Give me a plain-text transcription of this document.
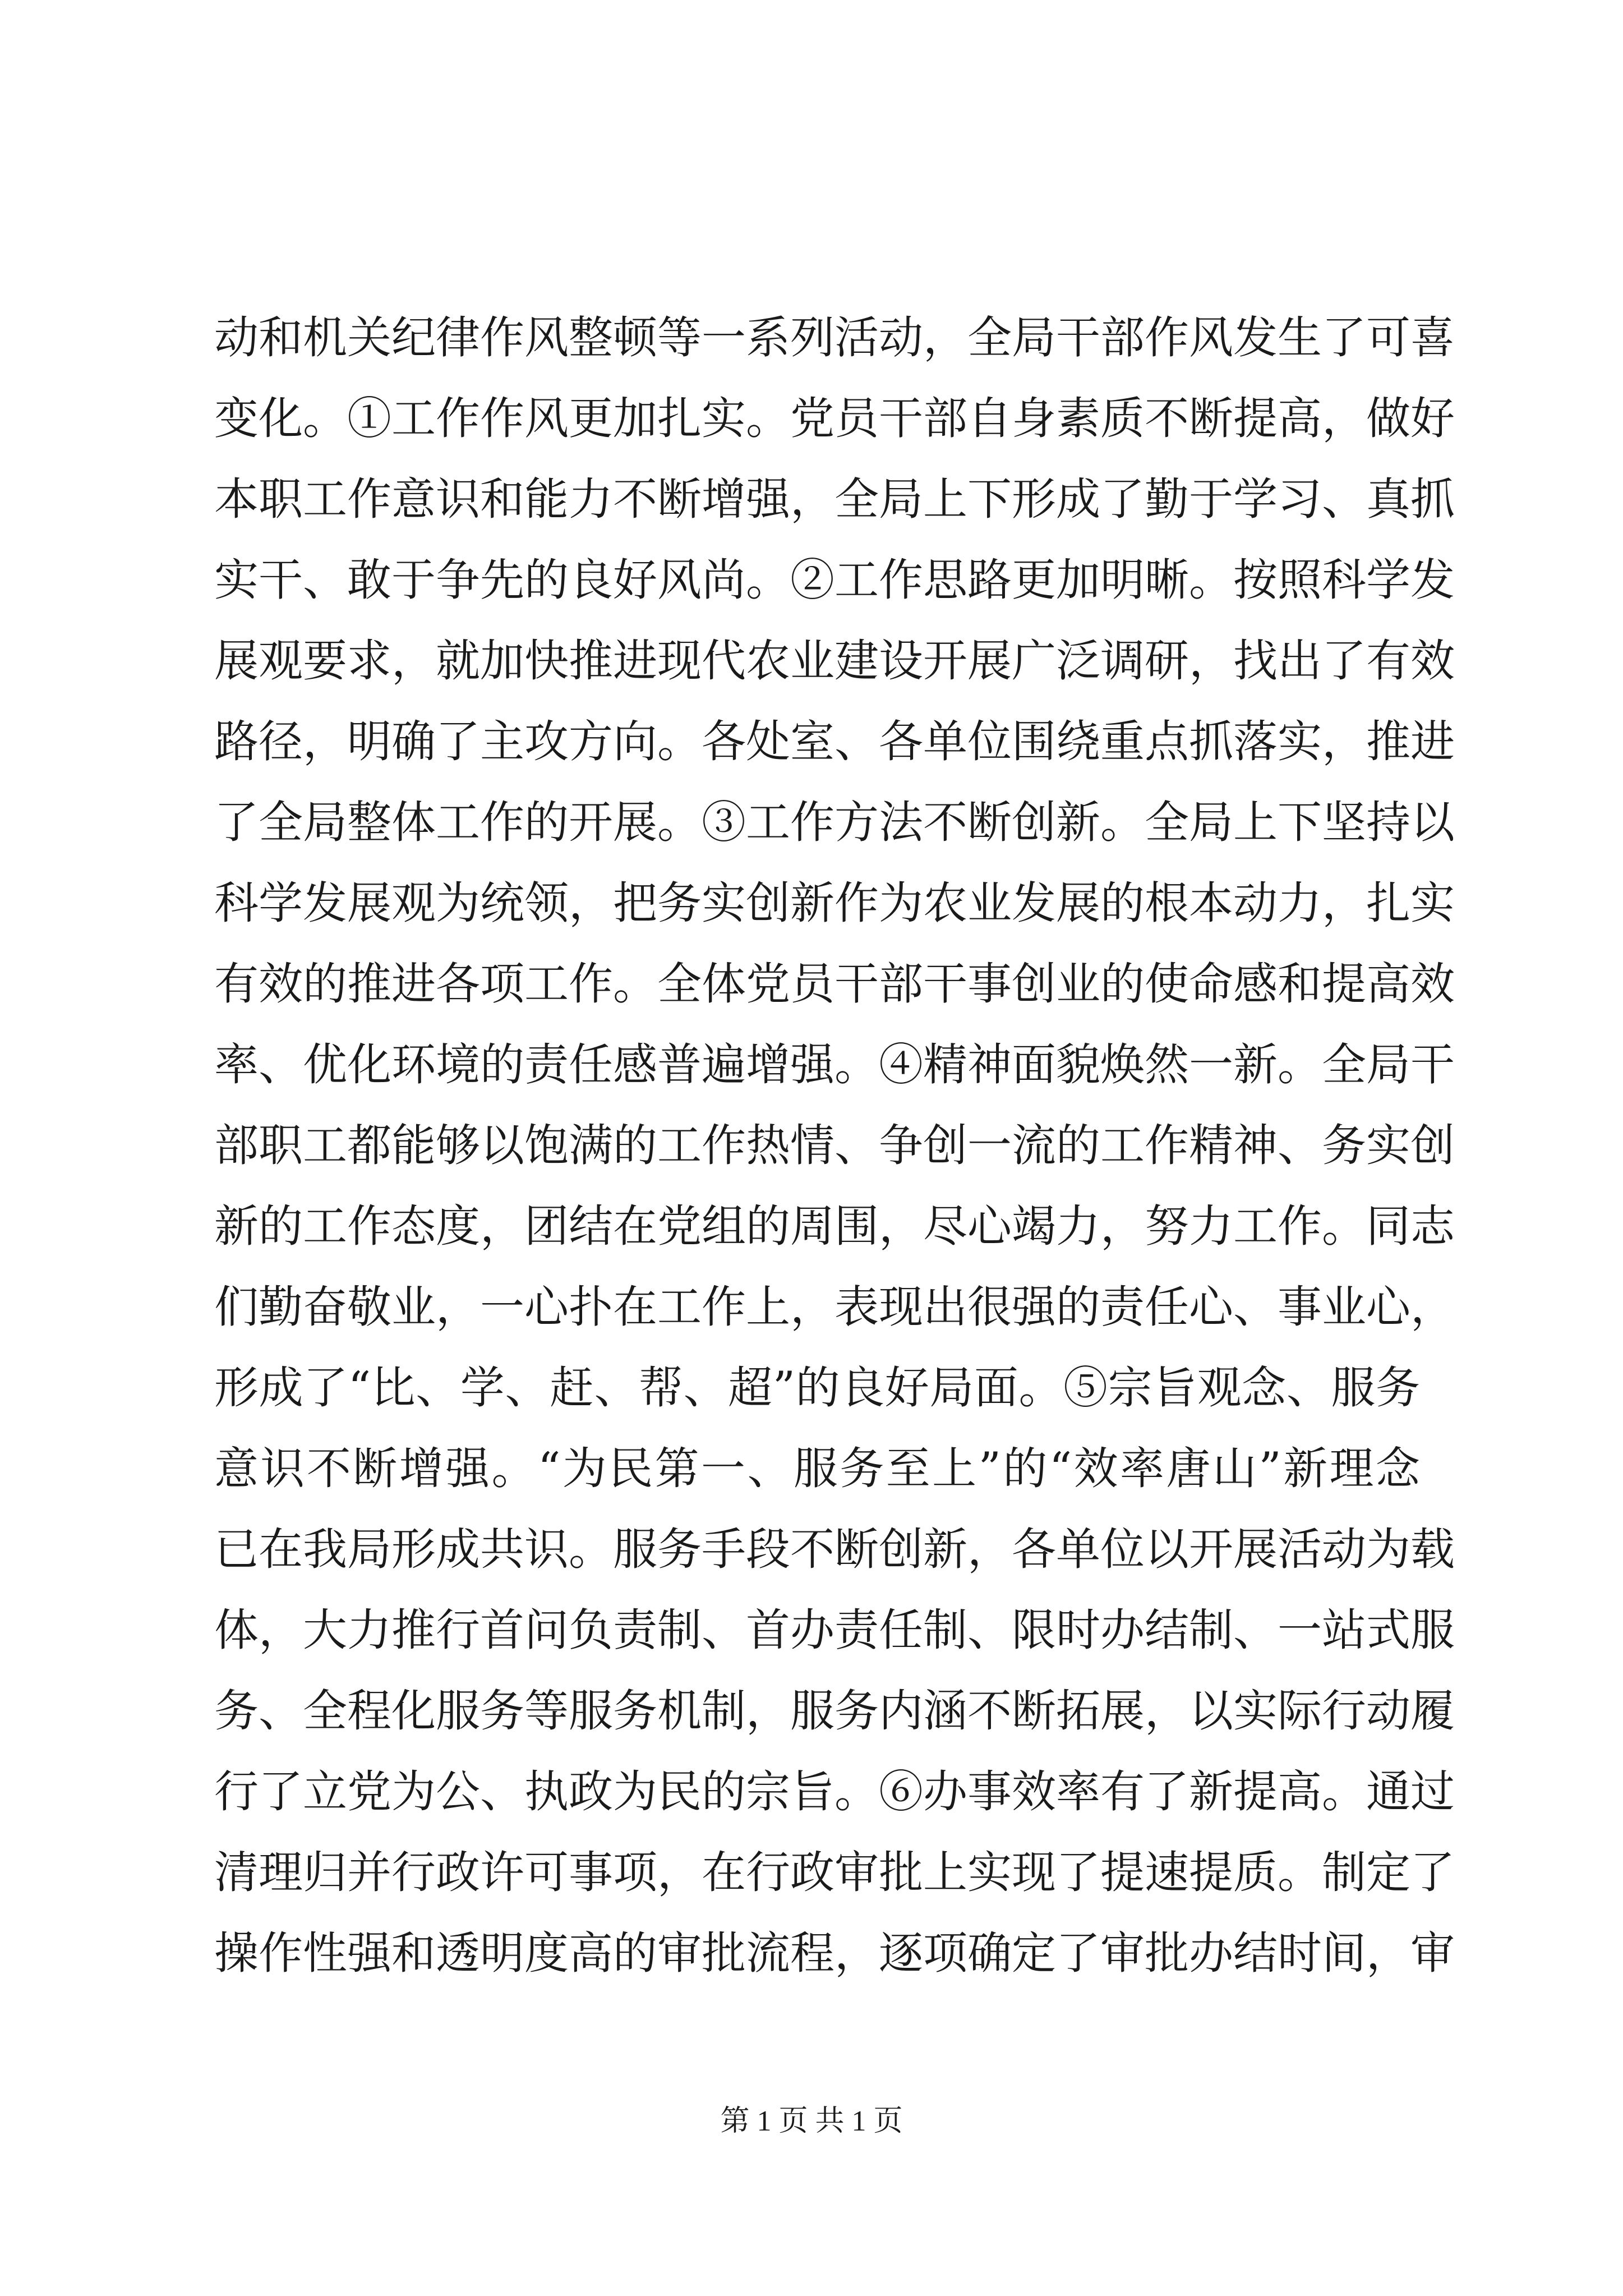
动和机关纪律作风整顿等一系列活动，全局干部作风发生了可喜
变化。①工作作风更加扎实。党员干部自身素质不断提高，做好
本职工作意识和能力不断增强，全局上下形成了勤于学习、真抓
实干、敢于争先的良好风尚。②工作思路更加明晰。按照科学发
展观要求，就加快推进现代农业建设开展广泛调研，找出了有效
路径，明确了主攻方向。各处室、各单位围绕重点抓落实，推进
了全局整体工作的开展。③工作方法不断创新。全局上下坚持以
科学发展观为统领，把务实创新作为农业发展的根本动力，扎实
有效的推进各项工作。全体党员干部干事创业的使命感和提高效
率、优化环境的责任感普遍增强。④精神面貌焕然一新。全局干
部职工都能够以饱满的工作热情、争创一流的工作精神、务实创
新的工作态度，团结在党组的周围，尽心竭力，努力工作。同志
们勤奋敬业，一心扑在工作上，表现出很强的责任心、事业心，
形成了“比、学、赶、帮、超”的良好局面。⑤宗旨观念、服务
意识不断增强。“为民第一、服务至上”的“效率唐山”新理念
已在我局形成共识。服务手段不断创新，各单位以开展活动为载
体，大力推行首问负责制、首办责任制、限时办结制、一站式服
务、全程化服务等服务机制，服务内涵不断拓展，以实际行动履
行了立党为公、执政为民的宗旨。⑥办事效率有了新提高。通过
清理归并行政许可事项，在行政审批上实现了提速提质。制定了
操作性强和透明度高的审批流程，逐项确定了审批办结时间，审
第 1 页 共 1 页
